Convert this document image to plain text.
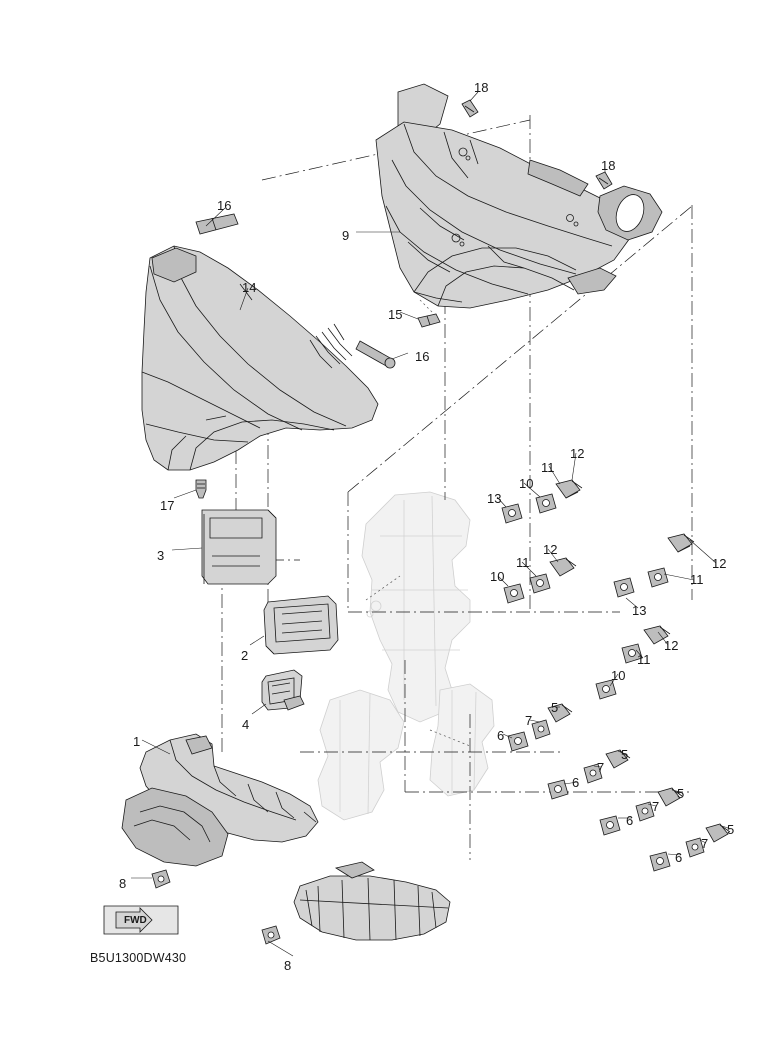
18
18
9
16
14
15
16
17
12
11
10
13
3	12
11
10
12
11
13
2
12
11
10
4
5
7
6
1
5
7
6
5
7
6
5
7
6
8
8
FWD
B5U1300DW430
